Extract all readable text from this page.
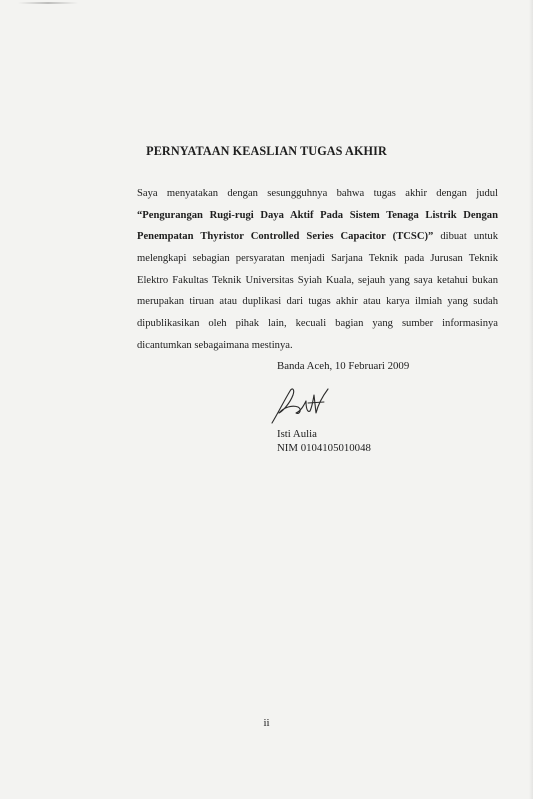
PERNYATAAN KEASLIAN TUGAS AKHIR
Saya menyatakan dengan sesungguhnya bahwa tugas akhir dengan judul
“Pengurangan Rugi-rugi Daya Aktif Pada Sistem Tenaga Listrik Dengan
Penempatan Thyristor Controlled Series Capacitor (TCSC)” dibuat untuk
melengkapi sebagian persyaratan menjadi Sarjana Teknik pada Jurusan Teknik
Elektro Fakultas Teknik Universitas Syiah Kuala, sejauh yang saya ketahui bukan
merupakan tiruan atau duplikasi dari tugas akhir atau karya ilmiah yang sudah
dipublikasikan oleh pihak lain, kecuali bagian yang sumber informasinya
dicantumkan sebagaimana mestinya.
Banda Aceh, 10 Februari 2009
Isti Aulia
NIM 0104105010048
ii
